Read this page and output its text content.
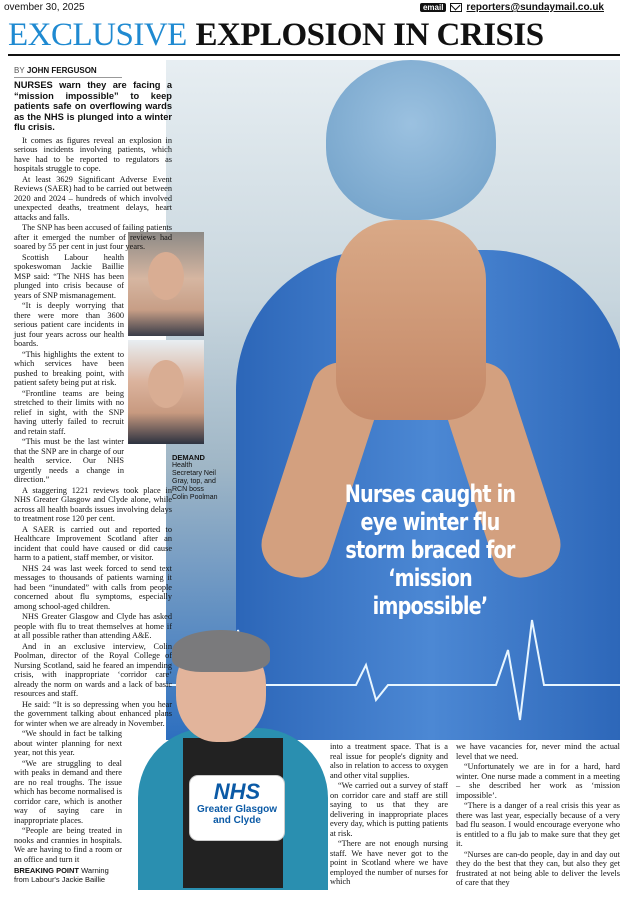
ovember 30, 2025	email	reporters@sundaymail.co.uk
EXCLUSIVE EXPLOSION IN CRISIS
BY JOHN FERGUSON
Nurses caught in eye winter flu storm braced for ‘mission impossible’
DEMAND
Health Secretary Neil Gray, top, and RCN boss Colin Poolman

NURSES warn they are facing a “mission impossible” to keep patients safe on overflowing wards as the NHS is plunged into a winter flu crisis.

It comes as figures reveal an explosion in serious incidents involving patients, which have had to be reported to regulators as hospitals struggle to cope.

At least 3629 Significant Adverse Event Reviews (SAER) had to be carried out between 2020 and 2024 – hundreds of which involved unexpected deaths, treatment delays, heart attacks and falls.

The SNP has been accused of failing patients after it emerged the number of reviews had soared by 55 per cent in just four years.

Scottish Labour health spokeswoman Jackie Baillie MSP said: “The NHS has been plunged into crisis because of years of SNP mismanagement.

“It is deeply worrying that there were more than 3600 serious patient care incidents in just four years across our health boards.

“This highlights the extent to which services have been pushed to breaking point, with patient safety being put at risk.

“Frontline teams are being stretched to their limits with no relief in sight, with the SNP having utterly failed to recruit and retain staff.

“This must be the last winter that the SNP are in charge of our health service. Our NHS urgently needs a change in direction.”

A staggering 1221 reviews took place in NHS Greater Glasgow and Clyde alone, while across all health boards issues involving delays to treatment rose 120 per cent.

A SAER is carried out and reported to Healthcare Improvement Scotland after an incident that could have caused or did cause harm to a patient, staff member, or visitor.

NHS 24 was last week forced to send text messages to thousands of patients warning it had been “inundated” with calls from people concerned about flu symptoms, especially among school-aged children.

NHS Greater Glasgow and Clyde has asked people with flu to treat themselves at home if at all possible rather than attending A&E.

And in an exclusive interview, Colin Poolman, director of the Royal College of Nursing Scotland, said he feared an impending crisis, with inappropriate ‘corridor care’ already the norm on wards and a lack of basic resources and staff.

He said: “It is so depressing when you hear the government talking about enhanced plans for winter when we are already in November.

“We should in fact be talking about winter planning for next year, not this year.

“We are struggling to deal with peaks in demand and there are no real troughs. The issue which has become normalised is corridor care, which is another way of saying care in inappropriate places.

“People are being treated in nooks and crannies in hospitals. We are having to find a room or an office and turn it

NHS
Greater Glasgow and Clyde
BREAKING POINT Warning from Labour's Jackie Baillie

into a treatment space. That is a real issue for people's dignity and also in relation to access to oxygen and other vital supplies.

“We carried out a survey of staff on corridor care and staff are still saying to us that they are delivering in inappropriate places every day, which is putting patients at risk.

“There are not enough nursing staff. We have never got to the point in Scotland where we have employed the number of nurses for which

we have vacancies for, never mind the actual level that we need.

“Unfortunately we are in for a hard, hard winter. One nurse made a comment in a meeting – she described her work as ‘mission impossible’.

“There is a danger of a real crisis this year as there was last year, especially because of a very bad flu season. I would encourage everyone who is entitled to a flu jab to make sure that they get it.

“Nurses are can-do people, day in and day out they do the best that they can, but also they get frustrated at not being able to deliver the levels of care that they
